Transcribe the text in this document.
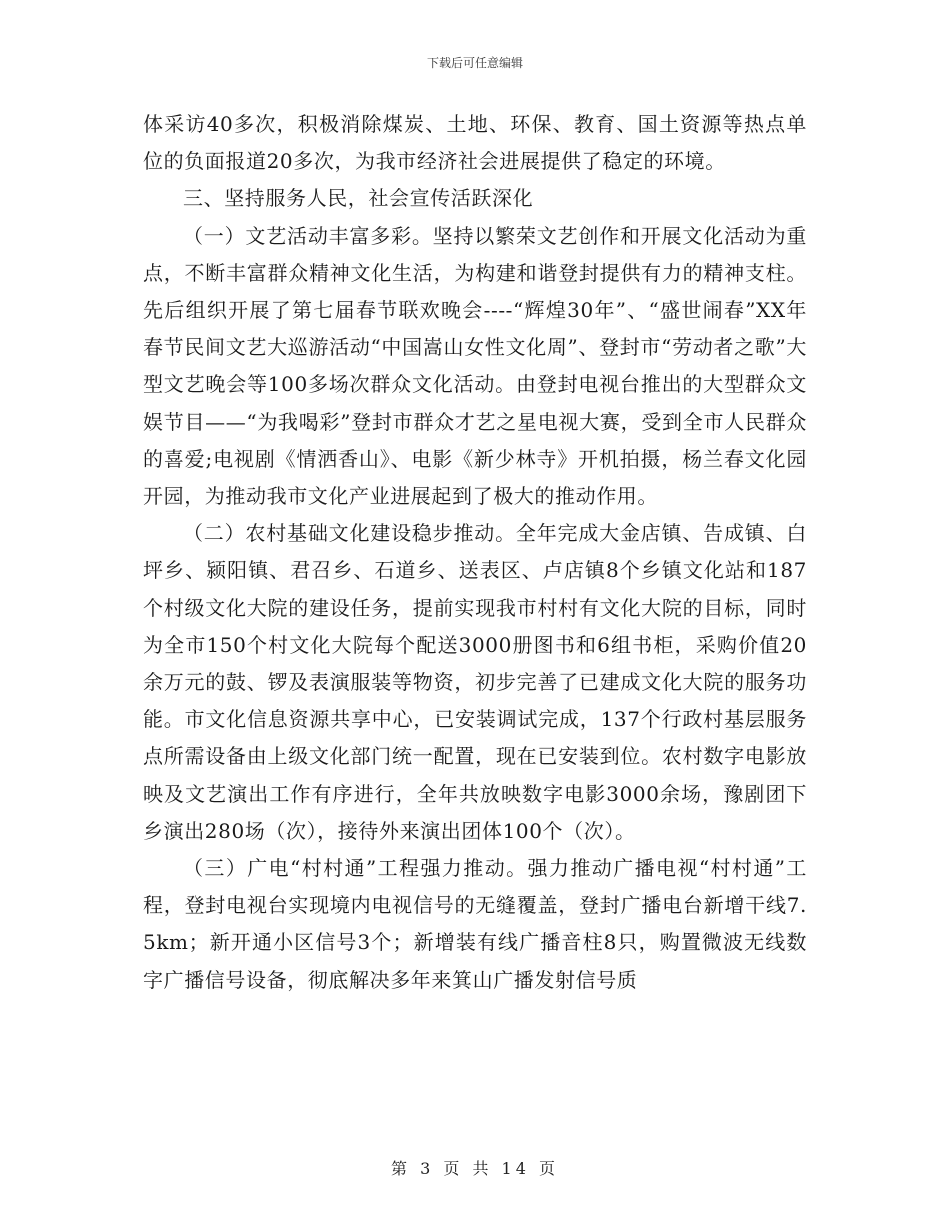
下载后可任意编辑

体采访40多次，积极消除煤炭、土地、环保、教育、国土资源等热点单位的负面报道20多次，为我市经济社会进展提供了稳定的环境。

三、坚持服务人民，社会宣传活跃深化

（一）文艺活动丰富多彩。坚持以繁荣文艺创作和开展文化活动为重点，不断丰富群众精神文化生活，为构建和谐登封提供有力的精神支柱。先后组织开展了第七届春节联欢晚会----“辉煌30年”、“盛世闹春”XX年春节民间文艺大巡游活动“中国嵩山女性文化周”、登封市“劳动者之歌”大型文艺晚会等100多场次群众文化活动。由登封电视台推出的大型群众文娱节目——“为我喝彩”登封市群众才艺之星电视大赛，受到全市人民群众的喜爱;电视剧《情洒香山》、电影《新少林寺》开机拍摄，杨兰春文化园开园，为推动我市文化产业进展起到了极大的推动作用。

（二）农村基础文化建设稳步推动。全年完成大金店镇、告成镇、白坪乡、颍阳镇、君召乡、石道乡、送表区、卢店镇8个乡镇文化站和187个村级文化大院的建设任务，提前实现我市村村有文化大院的目标，同时为全市150个村文化大院每个配送3000册图书和6组书柜，采购价值20余万元的鼓、锣及表演服装等物资，初步完善了已建成文化大院的服务功能。市文化信息资源共享中心，已安装调试完成，137个行政村基层服务点所需设备由上级文化部门统一配置，现在已安装到位。农村数字电影放映及文艺演出工作有序进行，全年共放映数字电影3000余场，豫剧团下乡演出280场（次），接待外来演出团体100个（次）。

（三）广电“村村通”工程强力推动。强力推动广播电视“村村通”工程，登封电视台实现境内电视信号的无缝覆盖，登封广播电台新增干线7.5km；新开通小区信号3个；新增装有线广播音柱8只，购置微波无线数字广播信号设备，彻底解决多年来箕山广播发射信号质

第 3 页 共 14 页
